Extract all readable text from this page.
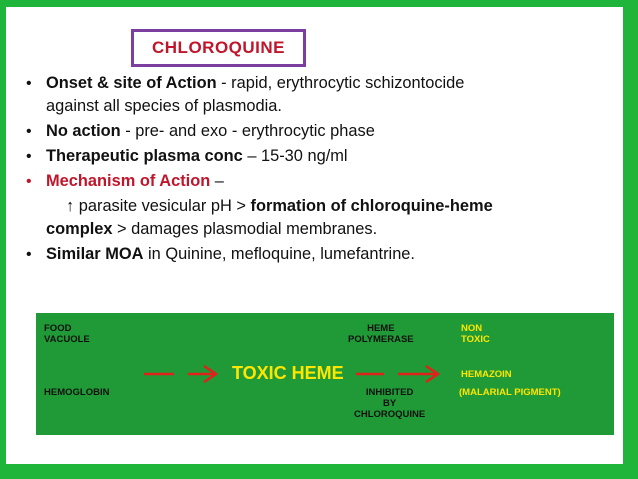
CHLOROQUINE
• Onset & site of Action - rapid, erythrocytic schizontocide
against all species of plasmodia.
• No action - pre- and exo - erythrocytic phase
• Therapeutic plasma conc – 15-30 ng/ml
• Mechanism of Action –
↑ parasite vesicular pH > formation of chloroquine-heme
complex > damages plasmodial membranes.
• Similar MOA in Quinine, mefloquine, lumefantrine.
FOOD
VACUOLE
HEME
POLYMERASE
NON
TOXIC
TOXIC HEME	HEMAZOIN
HEMOGLOBIN	INHIBITED
BY
CHLOROQUINE
(MALARIAL PIGMENT)
